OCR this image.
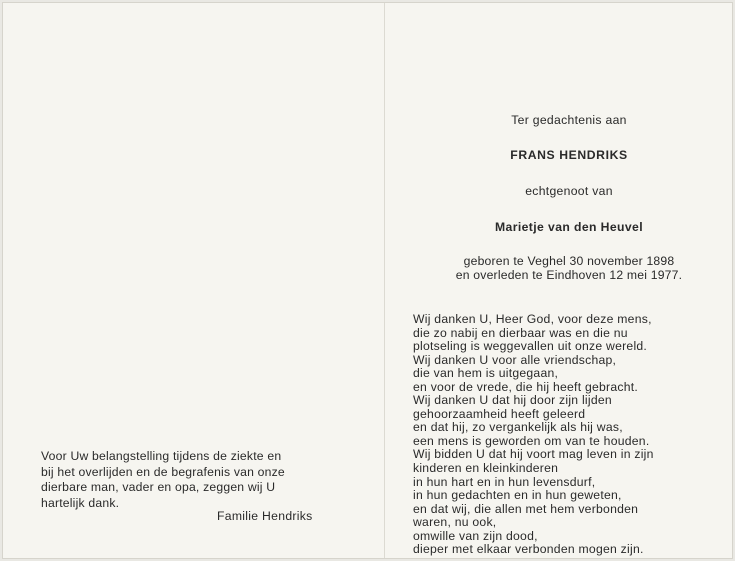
Voor Uw belangstelling tijdens de ziekte en
bij het overlijden en de begrafenis van onze
dierbare man, vader en opa, zeggen wij U
hartelijk dank.
Familie Hendriks
Ter gedachtenis aan
FRANS HENDRIKS
echtgenoot van
Marietje van den Heuvel
geboren te Veghel 30 november 1898
en overleden te Eindhoven 12 mei 1977.
Wij danken U, Heer God, voor deze mens,
die zo nabij en dierbaar was en die nu
plotseling is weggevallen uit onze wereld.
Wij danken U voor alle vriendschap,
die van hem is uitgegaan,
en voor de vrede, die hij heeft gebracht.
Wij danken U dat hij door zijn lijden
gehoorzaamheid heeft geleerd
en dat hij, zo vergankelijk als hij was,
een mens is geworden om van te houden.
Wij bidden U dat hij voort mag leven in zijn
kinderen en kleinkinderen
in hun hart en in hun levensdurf,
in hun gedachten en in hun geweten,
en dat wij, die allen met hem verbonden
waren, nu ook,
omwille van zijn dood,
dieper met elkaar verbonden mogen zijn.
